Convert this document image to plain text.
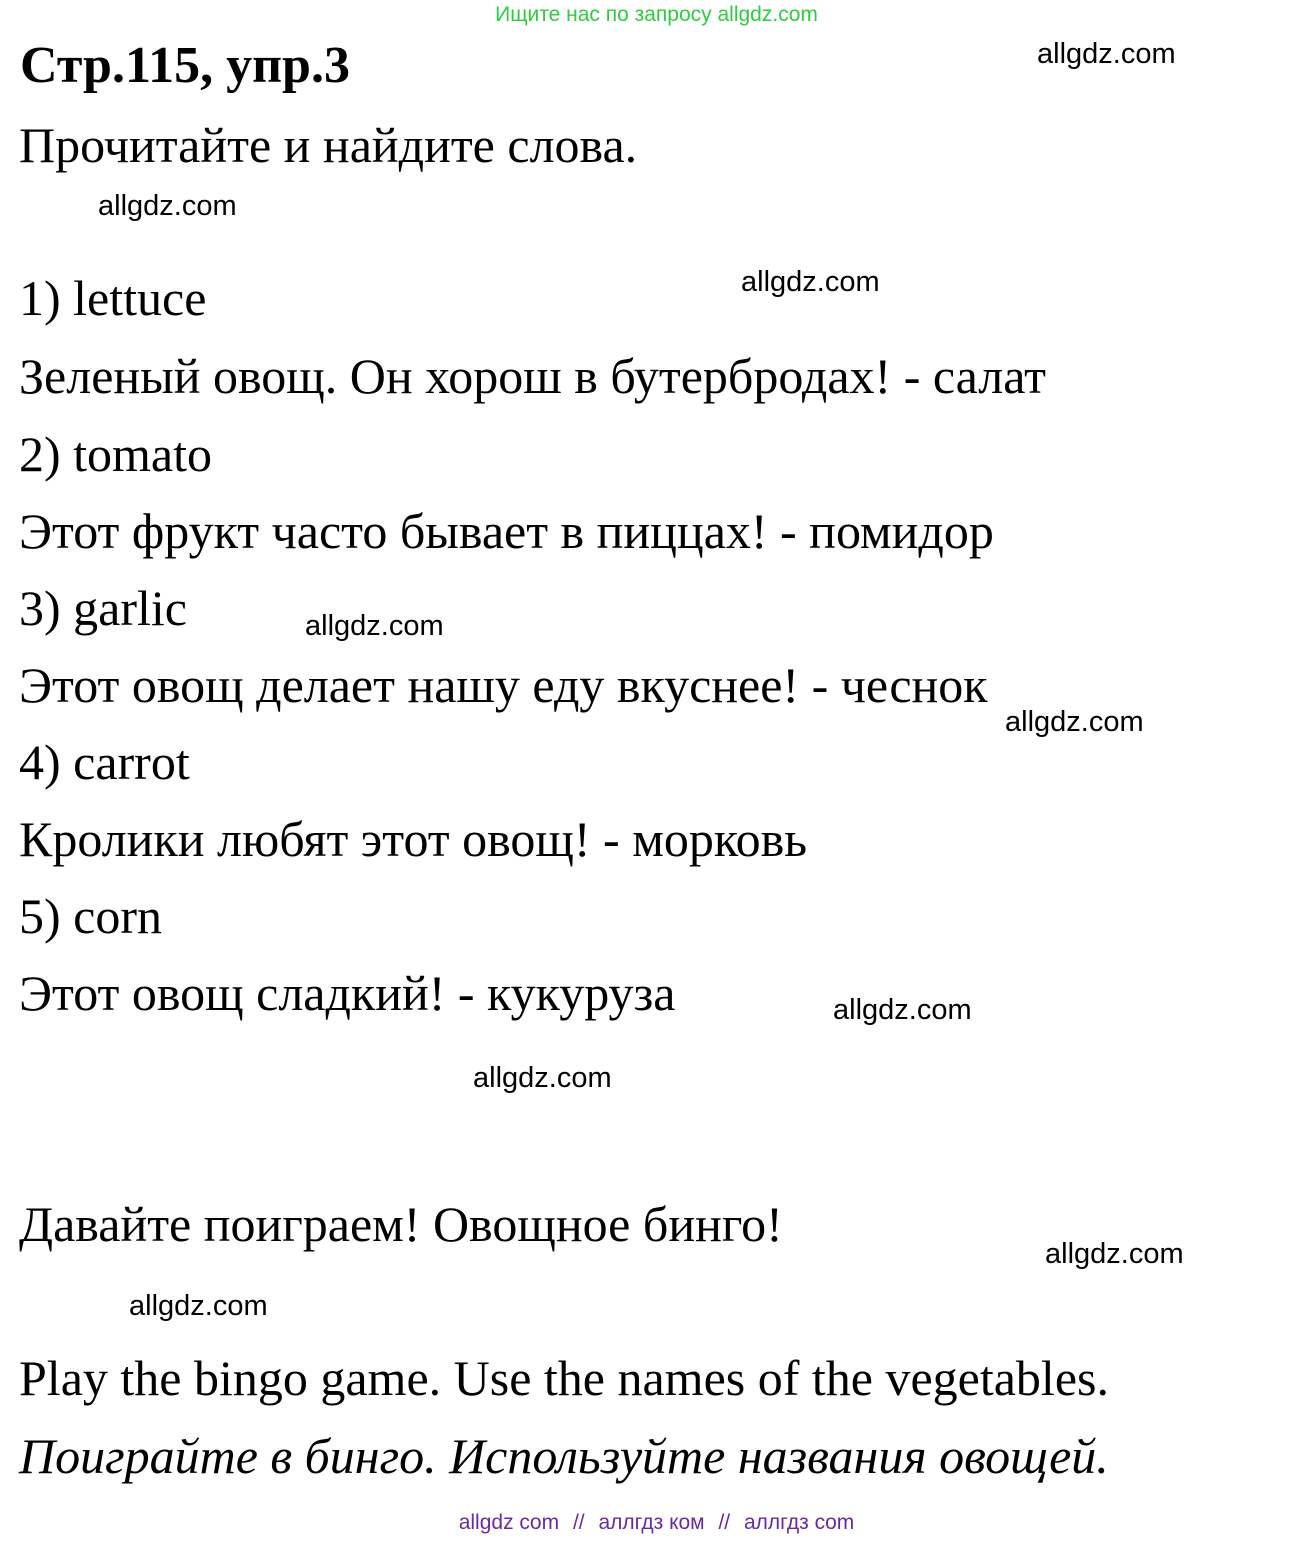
Ищите нас по запросу allgdz.com
Стр.115, упр.3
Прочитайте и найдите слова.
1) lettuce
Зеленый овощ. Он хорош в бутербродах! - салат
2) tomato
Этот фрукт часто бывает в пиццах! - помидор
3) garlic
Этот овощ делает нашу еду вкуснее! - чеснок
4) carrot
Кролики любят этот овощ! - морковь
5) corn
Этот овощ сладкий! - кукуруза
Давайте поиграем! Овощное бинго!
Play the bingo game. Use the names of the vegetables.
Поиграйте в бинго. Используйте названия овощей.
allgdz.com
allgdz.com
allgdz.com
allgdz.com
allgdz.com
allgdz.com
allgdz.com
allgdz.com
allgdz.com
allgdz com // аллгдз ком // аллгдз com
